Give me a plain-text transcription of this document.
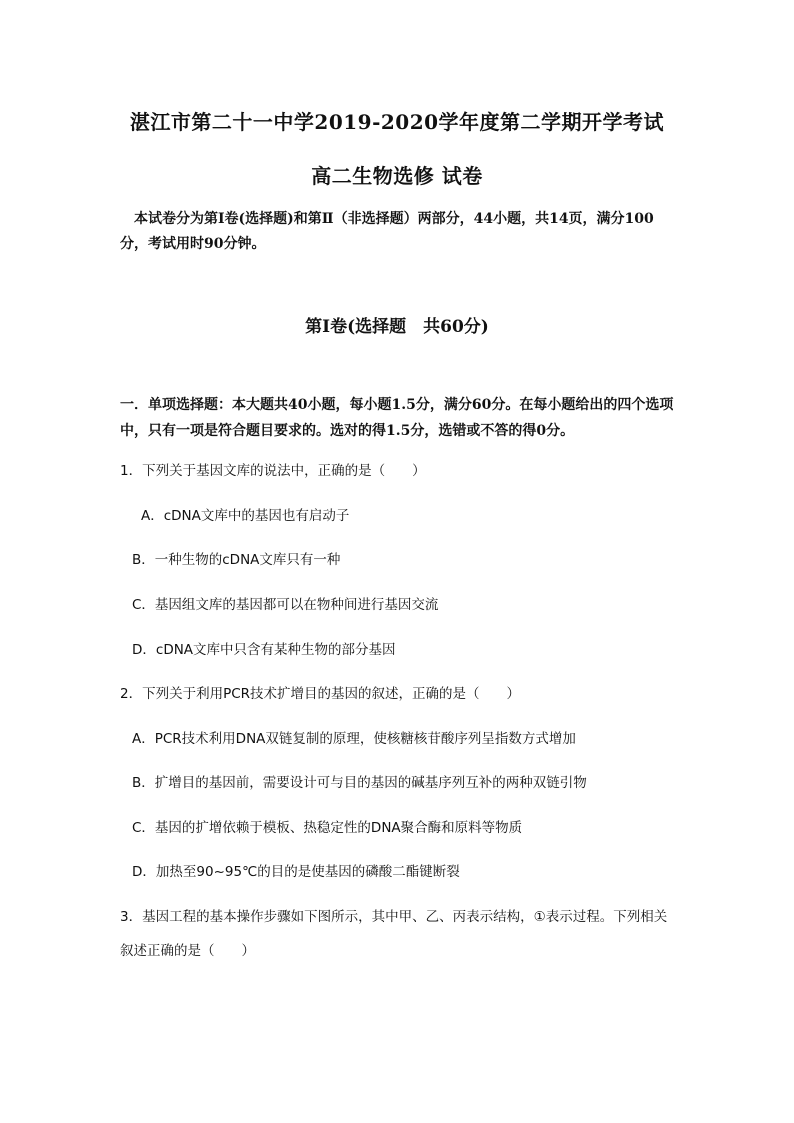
湛江市第二十一中学2019-2020学年度第二学期开学考试
高二生物选修 试卷
本试卷分为第Ⅰ卷(选择题)和第Ⅱ（非选择题）两部分，44小题，共14页，满分100分，考试用时90分钟。
第Ⅰ卷(选择题　共60分)
一．单项选择题：本大题共40小题，每小题1.5分，满分60分。在每小题给出的四个选项中，只有一项是符合题目要求的。选对的得1.5分，选错或不答的得0分。
1．下列关于基因文库的说法中，正确的是（　　）
A．cDNA文库中的基因也有启动子
B．一种生物的cDNA文库只有一种
C．基因组文库的基因都可以在物种间进行基因交流
D．cDNA文库中只含有某种生物的部分基因
2．下列关于利用PCR技术扩增目的基因的叙述，正确的是（　　）
A．PCR技术利用DNA双链复制的原理，使核糖核苷酸序列呈指数方式增加
B．扩增目的基因前，需要设计可与目的基因的碱基序列互补的两种双链引物
C．基因的扩增依赖于模板、热稳定性的DNA聚合酶和原料等物质
D．加热至90~95℃的目的是使基因的磷酸二酯键断裂
3．基因工程的基本操作步骤如下图所示，其中甲、乙、丙表示结构，①表示过程。下列相关叙述正确的是（　　）
